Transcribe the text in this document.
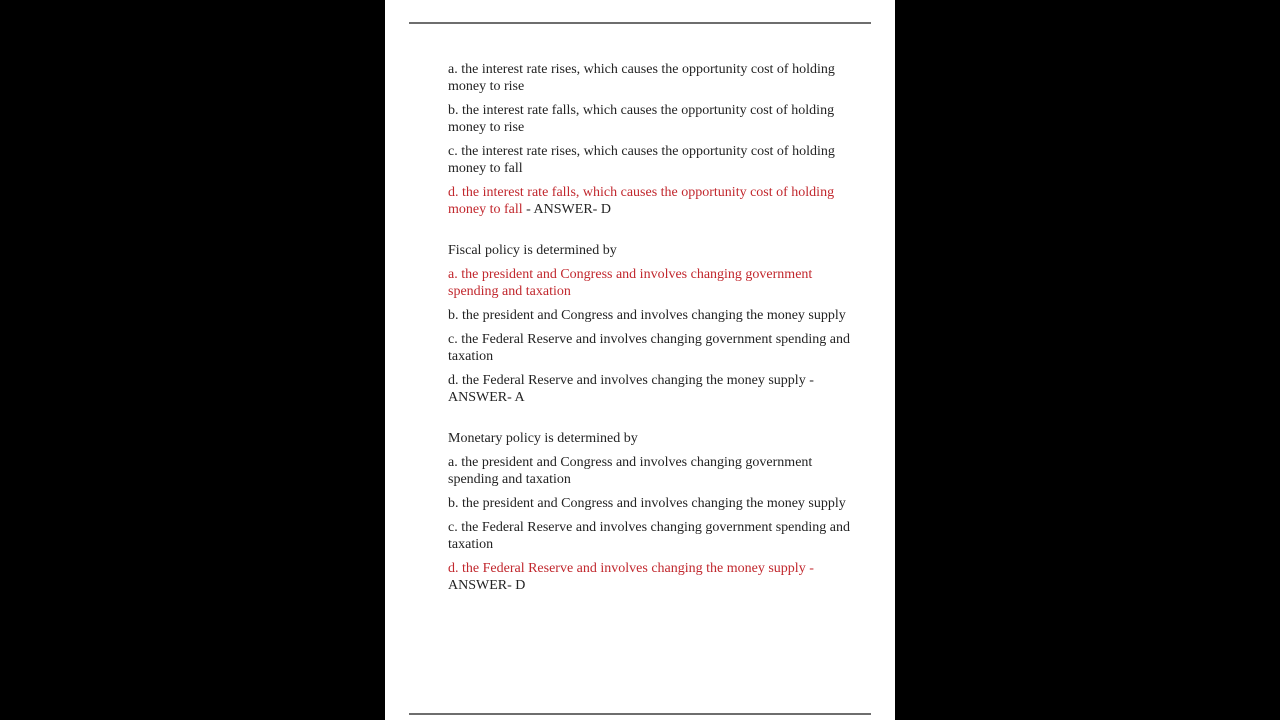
a. the interest rate rises, which causes the opportunity cost of holding
money to rise

b. the interest rate falls, which causes the opportunity cost of holding
money to rise

c. the interest rate rises, which causes the opportunity cost of holding
money to fall

d. the interest rate falls, which causes the opportunity cost of holding
money to fall - ANSWER- D

Fiscal policy is determined by

a. the president and Congress and involves changing government
spending and taxation

b. the president and Congress and involves changing the money supply

c. the Federal Reserve and involves changing government spending and
taxation

d. the Federal Reserve and involves changing the money supply -
ANSWER- A

Monetary policy is determined by

a. the president and Congress and involves changing government
spending and taxation

b. the president and Congress and involves changing the money supply

c. the Federal Reserve and involves changing government spending and
taxation

d. the Federal Reserve and involves changing the money supply -
ANSWER- D
